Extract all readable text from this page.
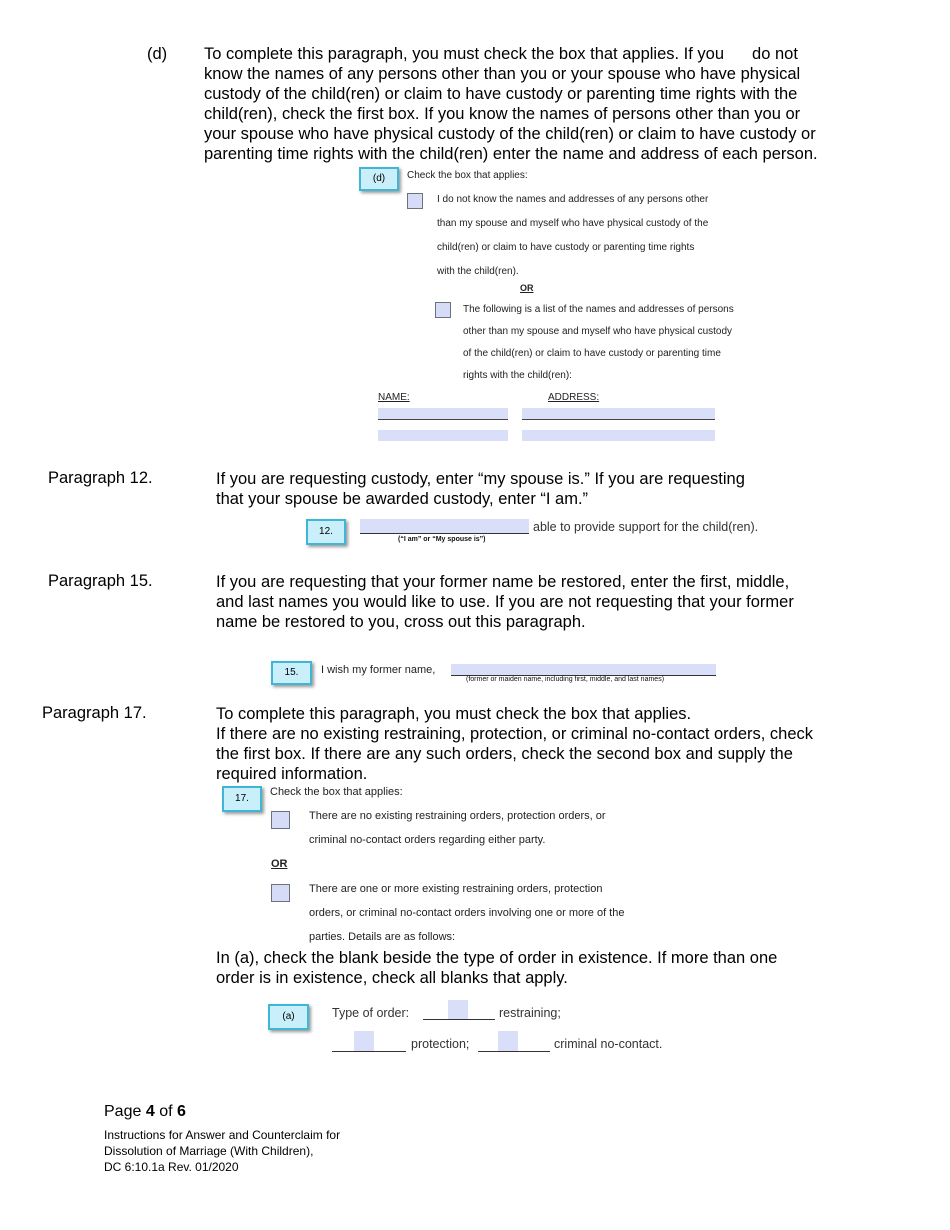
(d) To complete this paragraph, you must check the box that applies. If you do not
know the names of any persons other than you or your spouse who have physical
custody of the child(ren) or claim to have custody or parenting time rights with the
child(ren), check the first box. If you know the names of persons other than you or
your spouse who have physical custody of the child(ren) or claim to have custody or
parenting time rights with the child(ren) enter the name and address of each person.
(d)	Check the box that applies:
I do not know the names and addresses of any persons other
than my spouse and myself who have physical custody of the
child(ren) or claim to have custody or parenting time rights
with the child(ren).
OR
The following is a list of the names and addresses of persons
other than my spouse and myself who have physical custody
of the child(ren) or claim to have custody or parenting time
rights with the child(ren):
NAME:	ADDRESS:
Paragraph 12.	If you are requesting custody, enter “my spouse is.” If you are requesting
that your spouse be awarded custody, enter “I am.”
12.	able to provide support for the child(ren).
(“I am” or “My spouse is”)
Paragraph 15.	If you are requesting that your former name be restored, enter the first, middle,
and last names you would like to use. If you are not requesting that your former
name be restored to you, cross out this paragraph.
15.	I wish my former name,
(former or maiden name, including first, middle, and last names)
Paragraph 17.	To complete this paragraph, you must check the box that applies.
If there are no existing restraining, protection, or criminal no-contact orders, check
the first box. If there are any such orders, check the second box and supply the
required information.
17.
Check the box that applies:
There are no existing restraining orders, protection orders, or
criminal no-contact orders regarding either party.
OR
There are one or more existing restraining orders, protection
orders, or criminal no-contact orders involving one or more of the
parties. Details are as follows:
In (a), check the blank beside the type of order in existence. If more than one
order is in existence, check all blanks that apply.
(a)	Type of order:	restraining;
protection;	criminal no-contact.
Page 4 of 6
Instructions for Answer and Counterclaim for
Dissolution of Marriage (With Children),
DC 6:10.1a Rev. 01/2020
